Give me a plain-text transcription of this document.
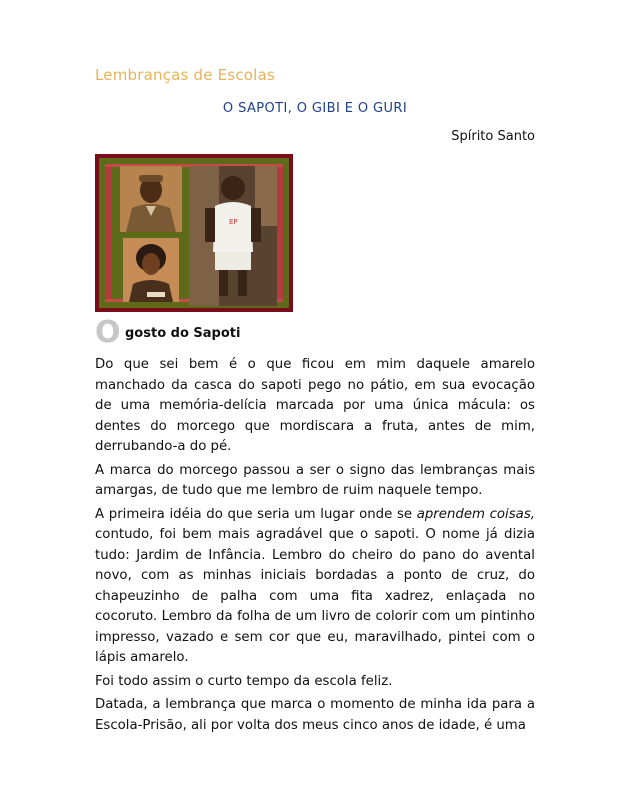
Lembranças de Escolas
O SAPOTI, O GIBI E O GURI
Spírito Santo
EP
O gosto do Sapoti

Do que sei bem é o que ficou em mim daquele amarelo manchado da casca do sapoti pego no pátio, em sua evocação de uma memória-delícia marcada por uma única mácula: os dentes do morcego que mordiscara a fruta, antes de mim, derrubando-a do pé.

A marca do morcego passou a ser o signo das lembranças mais amargas, de tudo que me lembro de ruim naquele tempo.

A primeira idéia do que seria um lugar onde se aprendem coisas, contudo, foi bem mais agradável que o sapoti. O nome já dizia tudo: Jardim de Infância. Lembro do cheiro do pano do avental novo, com as minhas iniciais bordadas a ponto de cruz, do chapeuzinho de palha com uma fita xadrez, enlaçada no cocoruto. Lembro da folha de um livro de colorir com um pintinho impresso, vazado e sem cor que eu, maravilhado, pintei com o lápis amarelo.

Foi todo assim o curto tempo da escola feliz.

Datada, a lembrança que marca o momento de minha ida para a Escola-Prisão, ali por volta dos meus cinco anos de idade, é uma
